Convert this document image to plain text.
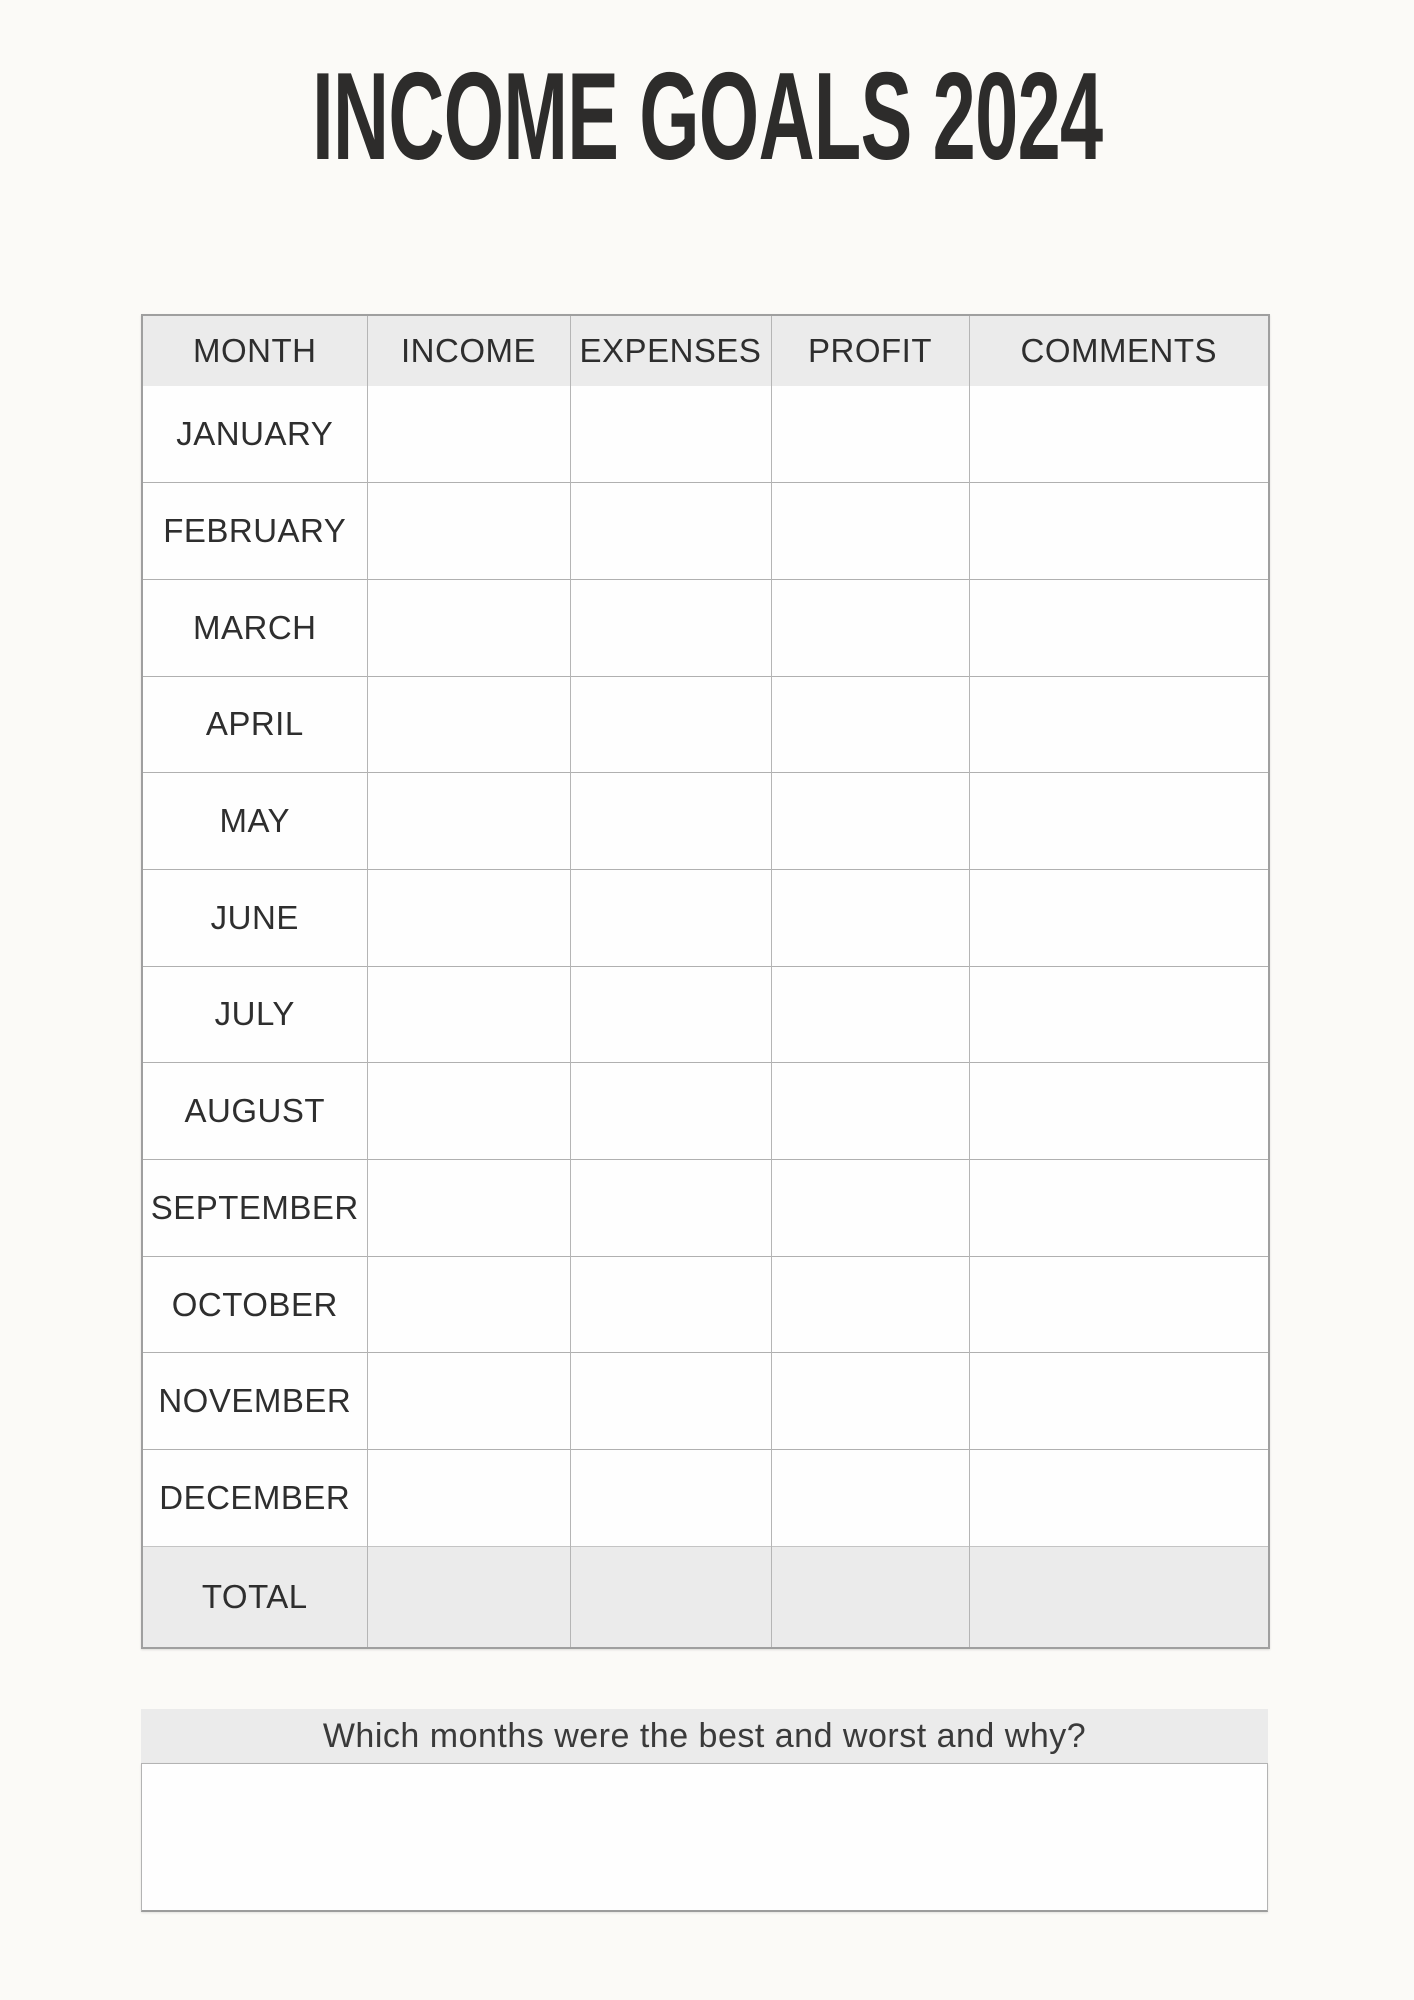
INCOME GOALS 2024
MONTH	INCOME	EXPENSES	PROFIT	COMMENTS
JANUARY				
FEBRUARY				
MARCH				
APRIL				
MAY				
JUNE				
JULY				
AUGUST				
SEPTEMBER				
OCTOBER				
NOVEMBER				
DECEMBER				
TOTAL				
Which months were the best and worst and why?
